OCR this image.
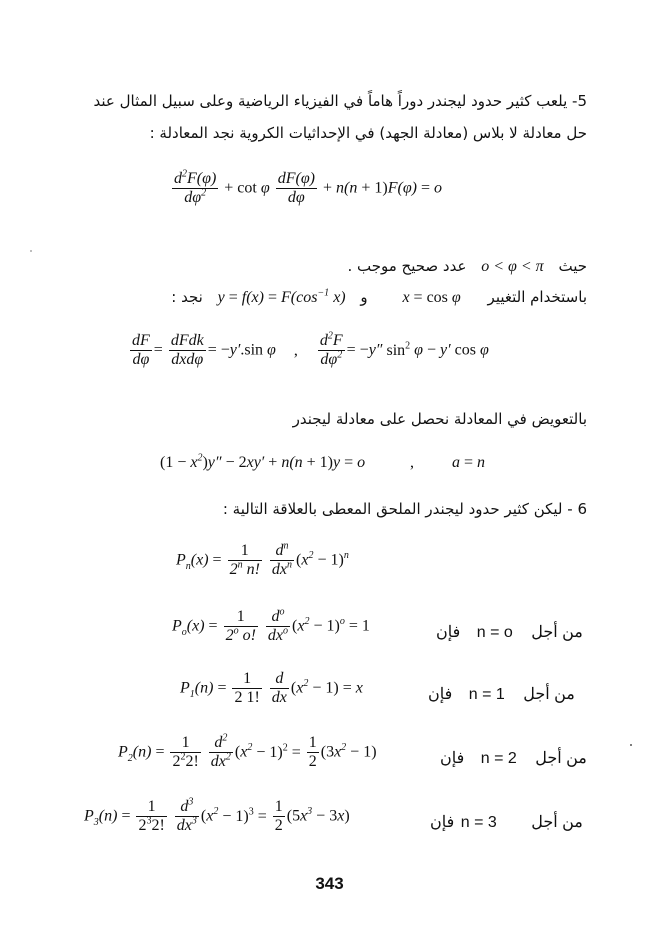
5- يلعب كثير حدود ليجندر دوراً هاماً في الفيزياء الرياضية وعلى سبيل المثال عند
حل معادلة لا بلاس (معادلة الجهد) في الإحداثيات الكروية نجد المعادلة :
$\frac{d^2F(\varphi)}{d\varphi^2} + \cot \varphi \frac{dF(\varphi)}{d\varphi} + n(n + 1)F(\varphi) = o$
حيث o < φ < π عدد صحيح موجب .
باستخدام التغيير x = cos φ و $y = f(x) = F(\cos^{-1}$ x) نجد :
$\frac{dF}{d\varphi} = \frac{\text{dFdk}}{\text{dxdφ}} = -y'.\sin$ φ , $\frac{d^2F}{d\varphi^2} = -y''$ $\sin^2 \varphi - y'$ cos φ
بالتعويض في المعادلة نحصل على معادلة ليجندر
$(1 - x^2)y'' - 2xy' + n(n + 1)y = o$	, a = n
6 - ليكن كثير حدود ليجندر الملحق المعطى بالعلاقة التالية :
$P_n(x) = \frac{1}{2^n n!}$
$\frac{d^n}{dx^n} (x^2 - 1)^n$
$P_o(x) = \frac{1}{2^o o!}$
$\frac{d^o}{dx^o} (x^2 - 1)^o = 1$	فإن n = o من أجل
$P_1(n) = \frac{1}{2 1!}$
$\frac{d}{dx} (x^2 - 1) = x$	فإن n = 1 من أجل
$P_2(n) = \frac{1}{2^22!}$
$\frac{d^2}{dx^2} (x^2 - 1)^2 = \frac{1}{2} (3x^2 - 1)$	فإن n = 2 من أجل
$P_3(n) = \frac{1}{2^32!}$
$\frac{d^3}{dx^3} (x^2 - 1)^3 = \frac{1}{2} (5x^3 - 3x)$	فإن n = 3 من أجل
343
